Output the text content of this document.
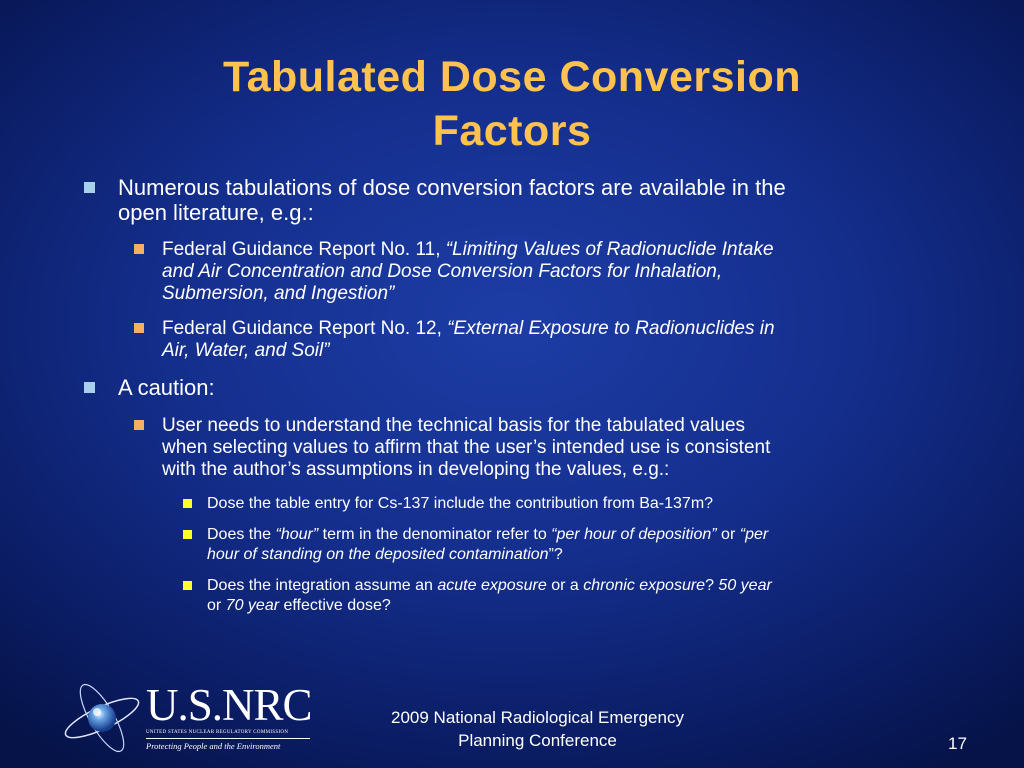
Tabulated Dose Conversion
Factors
Numerous tabulations of dose conversion factors are available in the
open literature, e.g.:
Federal Guidance Report No. 11, “Limiting Values of Radionuclide Intake
and Air Concentration and Dose Conversion Factors for Inhalation,
Submersion, and Ingestion”
Federal Guidance Report No. 12, “External Exposure to Radionuclides in
Air, Water, and Soil”
A caution:
User needs to understand the technical basis for the tabulated values
when selecting values to affirm that the user’s intended use is consistent
with the author’s assumptions in developing the values, e.g.:
Dose the table entry for Cs-137 include the contribution from Ba-137m?
Does the “hour” term in the denominator refer to “per hour of deposition” or “per
hour of standing on the deposited contamination”?
Does the integration assume an acute exposure or a chronic exposure? 50 year
or 70 year effective dose?
U.S.NRC
UNITED STATES NUCLEAR REGULATORY COMMISSION
Protecting People and the Environment
2009 National Radiological Emergency
Planning Conference	17
